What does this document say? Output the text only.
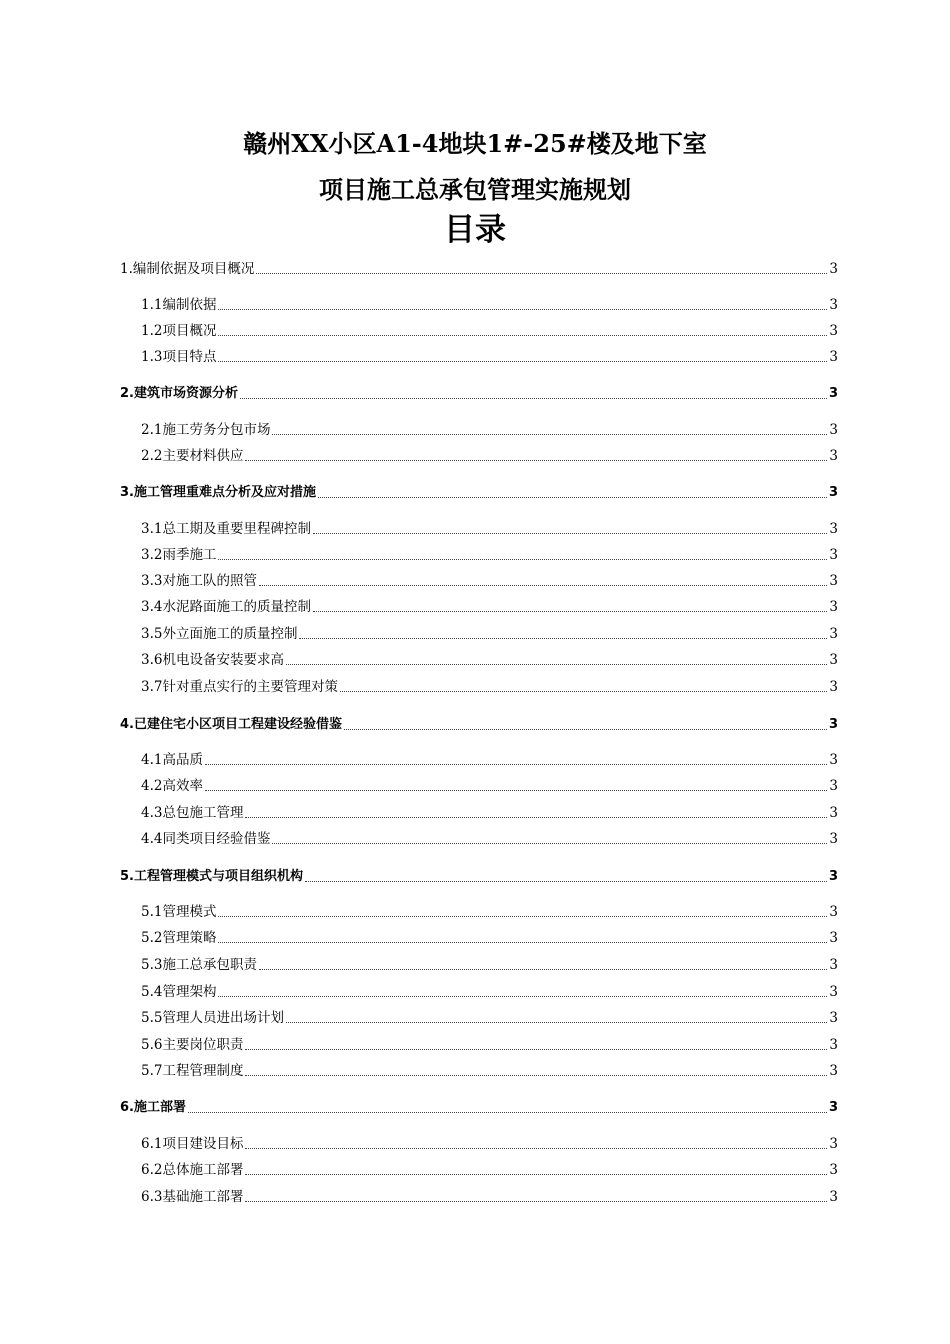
赣州XX小区A1-4地块1#-25#楼及地下室
项目施工总承包管理实施规划
目录
1.编制依据及项目概况	3
1.1编制依据	3
1.2项目概况	3
1.3项目特点	3
2.建筑市场资源分析	3
2.1施工劳务分包市场	3
2.2主要材料供应	3
3.施工管理重难点分析及应对措施	3
3.1总工期及重要里程碑控制	3
3.2雨季施工	3
3.3对施工队的照管	3
3.4水泥路面施工的质量控制	3
3.5外立面施工的质量控制	3
3.6机电设备安装要求高	3
3.7针对重点实行的主要管理对策	3
4.已建住宅小区项目工程建设经验借鉴	3
4.1高品质	3
4.2高效率	3
4.3总包施工管理	3
4.4同类项目经验借鉴	3
5.工程管理模式与项目组织机构	3
5.1管理模式	3
5.2管理策略	3
5.3施工总承包职责	3
5.4管理架构	3
5.5管理人员进出场计划	3
5.6主要岗位职责	3
5.7工程管理制度	3
6.施工部署	3
6.1项目建设目标	3
6.2总体施工部署	3
6.3基础施工部署	3
